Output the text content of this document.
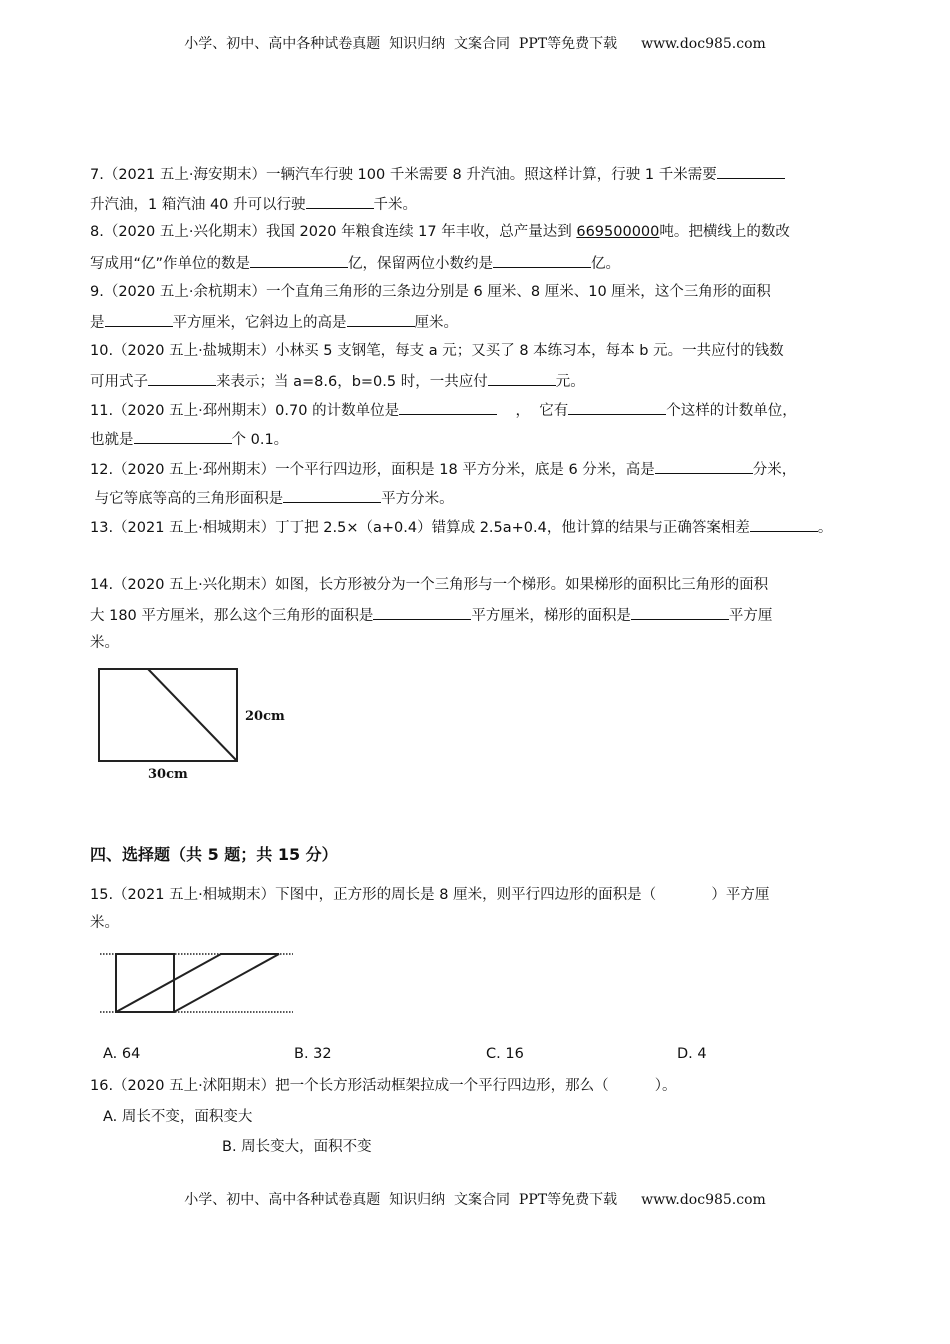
小学、初中、高中各种试卷真题  知识归纳  文案合同  PPT等免费下载 www.doc985.com
7.（2021 五上·海安期末）一辆汽车行驶 100 千米需要 8 升汽油。照这样计算，行驶 1 千米需要
升汽油，1 箱汽油 40 升可以行驶	千米。
8.（2020 五上·兴化期末）我国 2020 年粮食连续 17 年丰收，总产量达到 669500000吨。把横线上的数改
写成用“亿”作单位的数是	亿，保留两位小数约是	亿。
9.（2020 五上·余杭期末）一个直角三角形的三条边分别是 6 厘米、8 厘米、10 厘米，这个三角形的面积
是	平方厘米，它斜边上的高是	厘米。
10.（2020 五上·盐城期末）小林买 5 支钢笔，每支 a 元；又买了 8 本练习本，每本 b 元。一共应付的钱数
可用式子	来表示；当 a=8.6，b=0.5 时，一共应付	元。
11.（2020 五上·邳州期末）0.70 的计数单位是	，  它有	个这样的计数单位，
也就是	个 0.1。
12.（2020 五上·邳州期末）一个平行四边形，面积是 18 平方分米，底是 6 分米，高是	分米，
与它等底等高的三角形面积是	平方分米。
13.（2021 五上·相城期末）丁丁把 2.5×（a+0.4）错算成 2.5a+0.4，他计算的结果与正确答案相差	。
14.（2020 五上·兴化期末）如图，长方形被分为一个三角形与一个梯形。如果梯形的面积比三角形的面积
大 180 平方厘米，那么这个三角形的面积是	平方厘米，梯形的面积是	平方厘
米。
20cm
30cm
四、选择题（共 5 题；共 15 分）
15.（2021 五上·相城期末）下图中，正方形的周长是 8 厘米，则平行四边形的面积是（            ）平方厘
米。
A. 64	B. 32	C. 16	D. 4
16.（2020 五上·沭阳期末）把一个长方形活动框架拉成一个平行四边形，那么（          ）。
A. 周长不变，面积变大
B. 周长变大，面积不变
小学、初中、高中各种试卷真题  知识归纳  文案合同  PPT等免费下载 www.doc985.com
